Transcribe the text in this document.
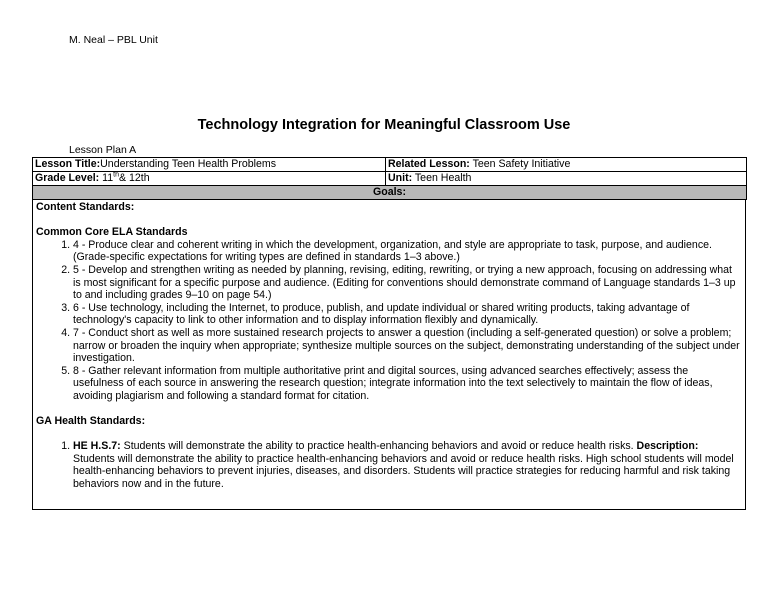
M. Neal – PBL Unit
Technology Integration for Meaningful Classroom Use
Lesson Plan A
Lesson Title:Understanding Teen Health Problems	Related Lesson: Teen Safety Initiative
Grade Level: 11th& 12th	Unit: Teen Health
Goals:	
Content Standards:
Common Core ELA Standards
1. 4 - Produce clear and coherent writing in which the development, organization, and style are appropriate to task, purpose, and audience. (Grade-specific expectations for writing types are defined in standards 1–3 above.)
2. 5 - Develop and strengthen writing as needed by planning, revising, editing, rewriting, or trying a new approach, focusing on addressing what is most significant for a specific purpose and audience. (Editing for conventions should demonstrate command of Language standards 1–3 up to and including grades 9–10 on page 54.)
3. 6 - Use technology, including the Internet, to produce, publish, and update individual or shared writing products, taking advantage of technology's capacity to link to other information and to display information flexibly and dynamically.
4. 7 - Conduct short as well as more sustained research projects to answer a question (including a self-generated question) or solve a problem; narrow or broaden the inquiry when appropriate; synthesize multiple sources on the subject, demonstrating understanding of the subject under investigation.
5. 8 - Gather relevant information from multiple authoritative print and digital sources, using advanced searches effectively; assess the usefulness of each source in answering the research question; integrate information into the text selectively to maintain the flow of ideas, avoiding plagiarism and following a standard format for citation.
GA Health Standards:
1. HE H.S.7: Students will demonstrate the ability to practice health-enhancing behaviors and avoid or reduce health risks. Description: Students will demonstrate the ability to practice health-enhancing behaviors and avoid or reduce health risks. High school students will model health-enhancing behaviors to prevent injuries, diseases, and disorders. Students will practice strategies for reducing harmful and risk taking behaviors now and in the future.
